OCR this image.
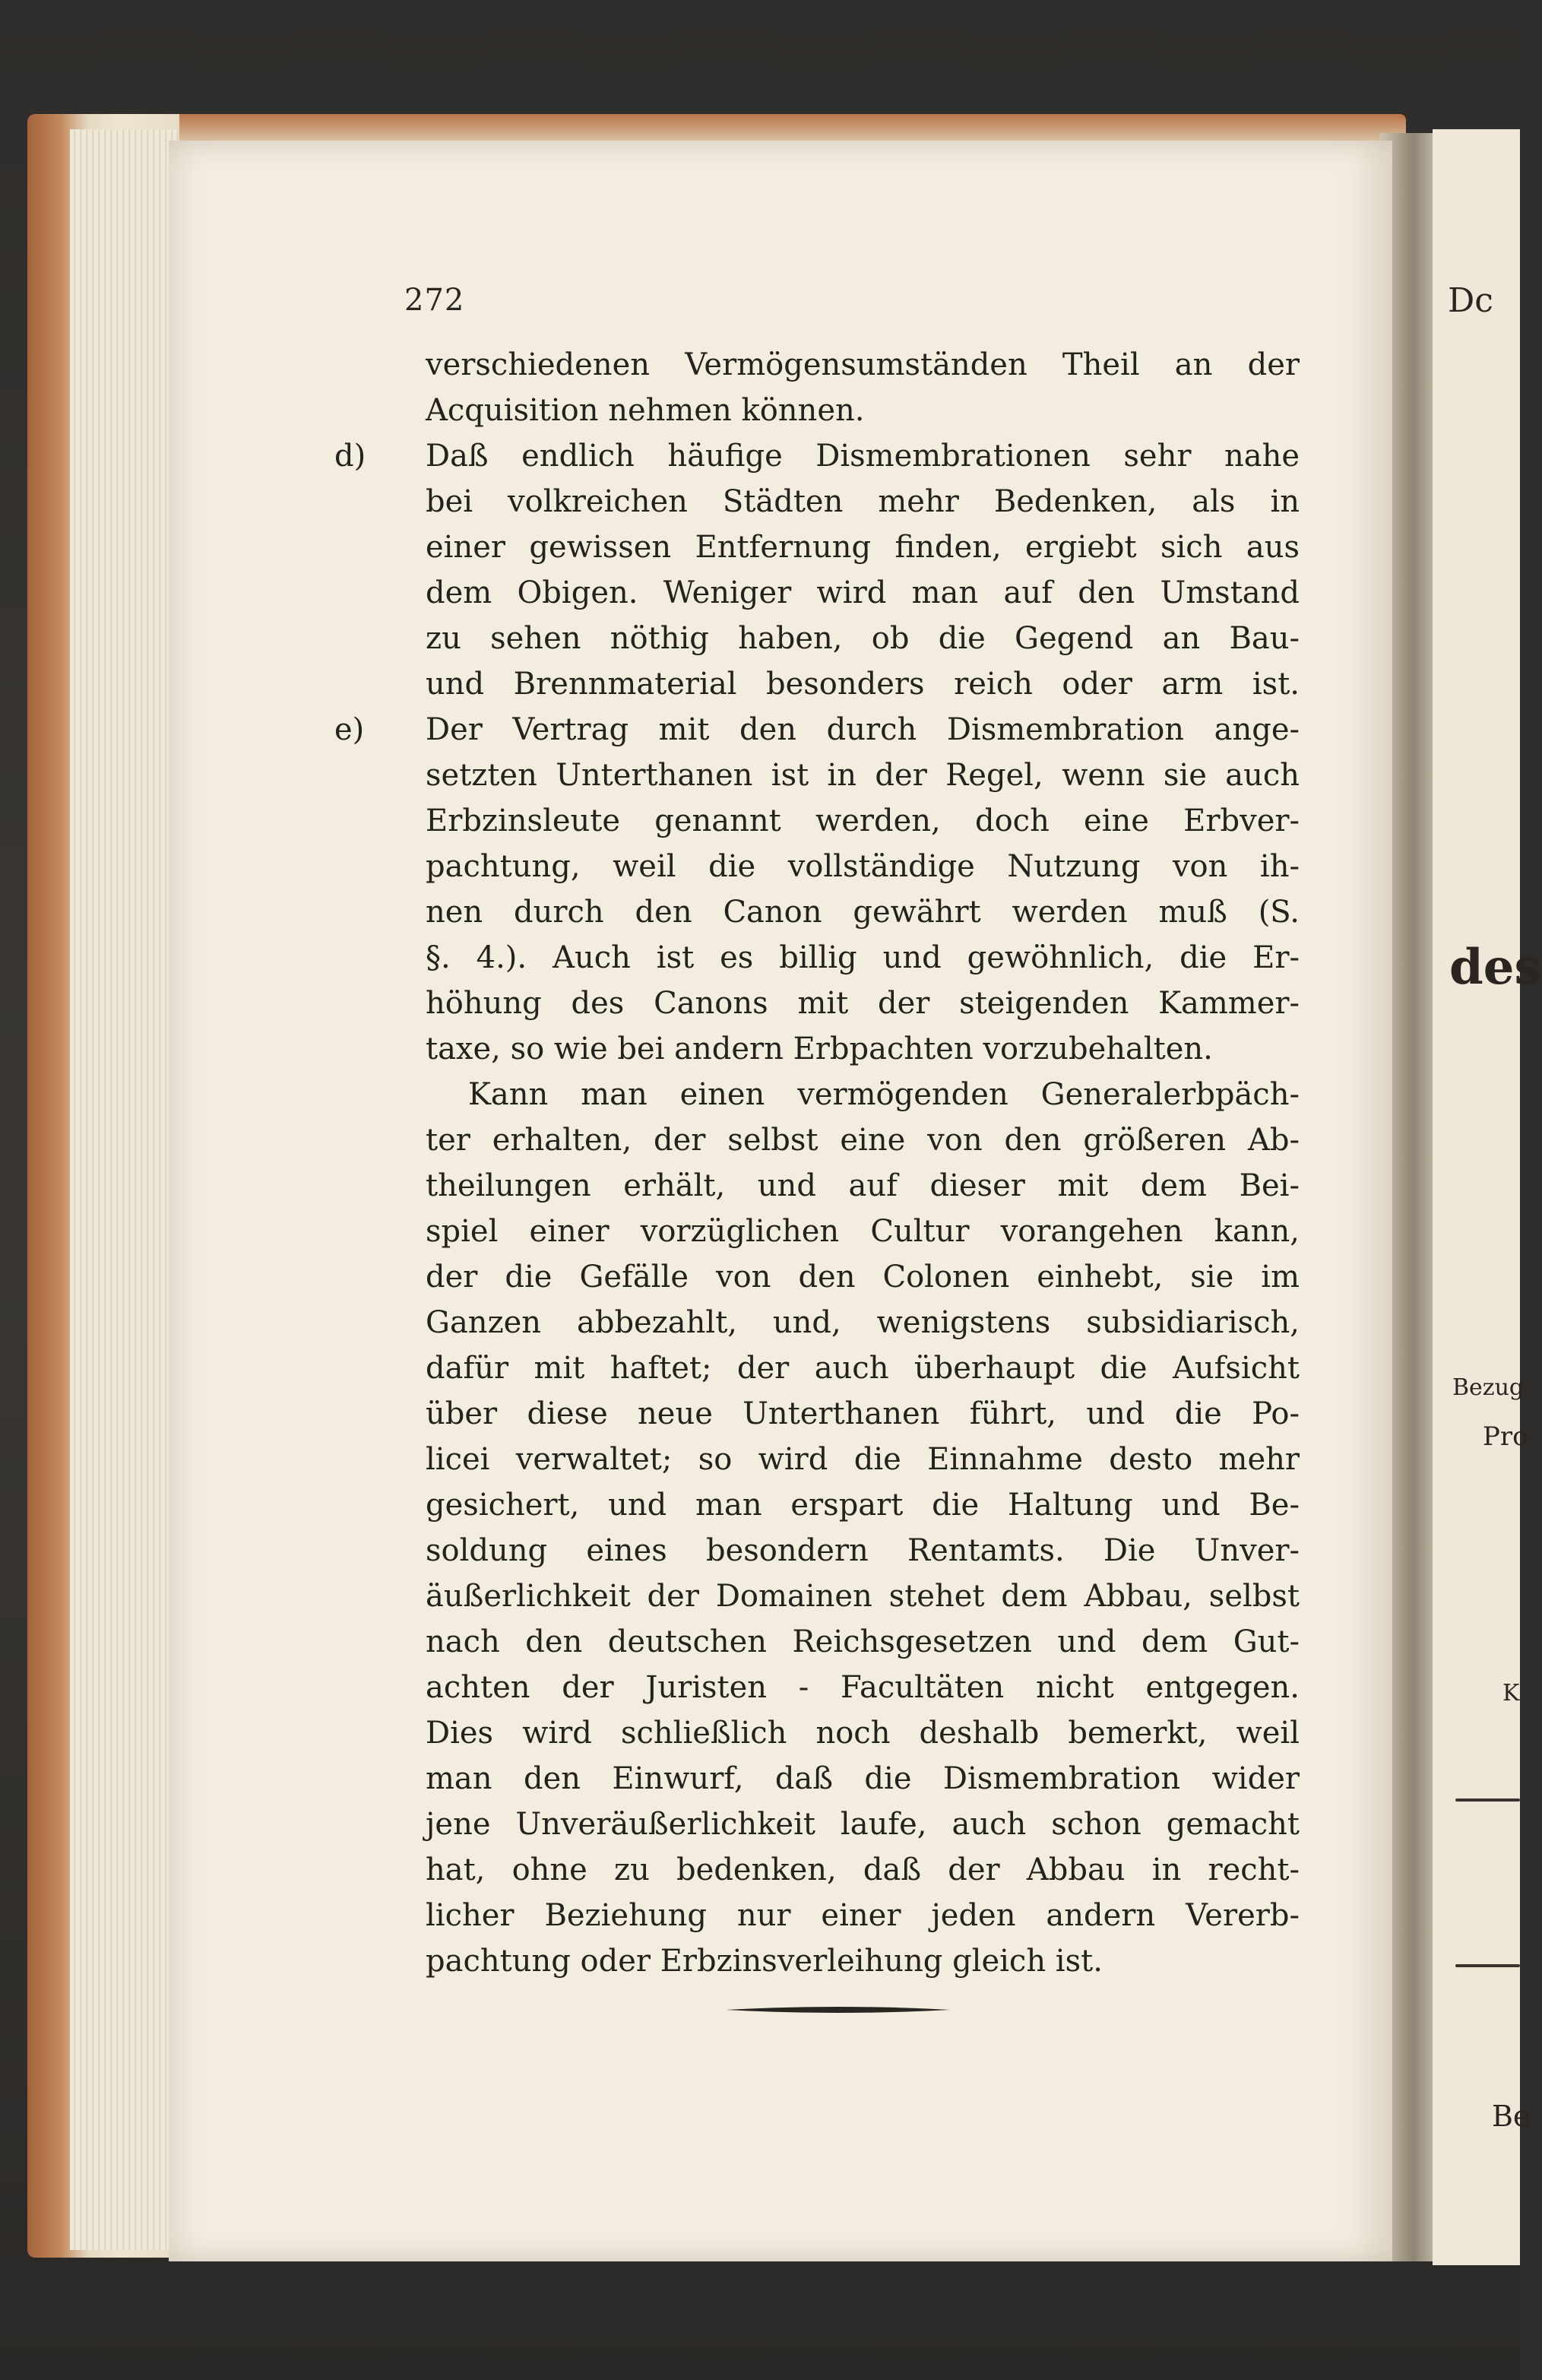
Dc
des
Bezug
Pro
K
Be
272
d)
e)
verschiedenen Vermögensumständen Theil an der
Acquisition nehmen können.
Daß endlich häufige Dismembrationen sehr nahe
bei volkreichen Städten mehr Bedenken, als in
einer gewissen Entfernung finden, ergiebt sich aus
dem Obigen. Weniger wird man auf den Umstand
zu sehen nöthig haben, ob die Gegend an Bau-
und Brennmaterial besonders reich oder arm ist.
Der Vertrag mit den durch Dismembration ange-
setzten Unterthanen ist in der Regel, wenn sie auch
Erbzinsleute genannt werden, doch eine Erbver-
pachtung, weil die vollständige Nutzung von ih-
nen durch den Canon gewährt werden muß (S.
§. 4.). Auch ist es billig und gewöhnlich, die Er-
höhung des Canons mit der steigenden Kammer-
taxe, so wie bei andern Erbpachten vorzubehalten.
Kann man einen vermögenden Generalerbpäch-
ter erhalten, der selbst eine von den größeren Ab-
theilungen erhält, und auf dieser mit dem Bei-
spiel einer vorzüglichen Cultur vorangehen kann,
der die Gefälle von den Colonen einhebt, sie im
Ganzen abbezahlt, und, wenigstens subsidiarisch,
dafür mit haftet; der auch überhaupt die Aufsicht
über diese neue Unterthanen führt, und die Po-
licei verwaltet; so wird die Einnahme desto mehr
gesichert, und man erspart die Haltung und Be-
soldung eines besondern Rentamts. Die Unver-
äußerlichkeit der Domainen stehet dem Abbau, selbst
nach den deutschen Reichsgesetzen und dem Gut-
achten der Juristen - Facultäten nicht entgegen.
Dies wird schließlich noch deshalb bemerkt, weil
man den Einwurf, daß die Dismembration wider
jene Unveräußerlichkeit laufe, auch schon gemacht
hat, ohne zu bedenken, daß der Abbau in recht-
licher Beziehung nur einer jeden andern Vererb-
pachtung oder Erbzinsverleihung gleich ist.
